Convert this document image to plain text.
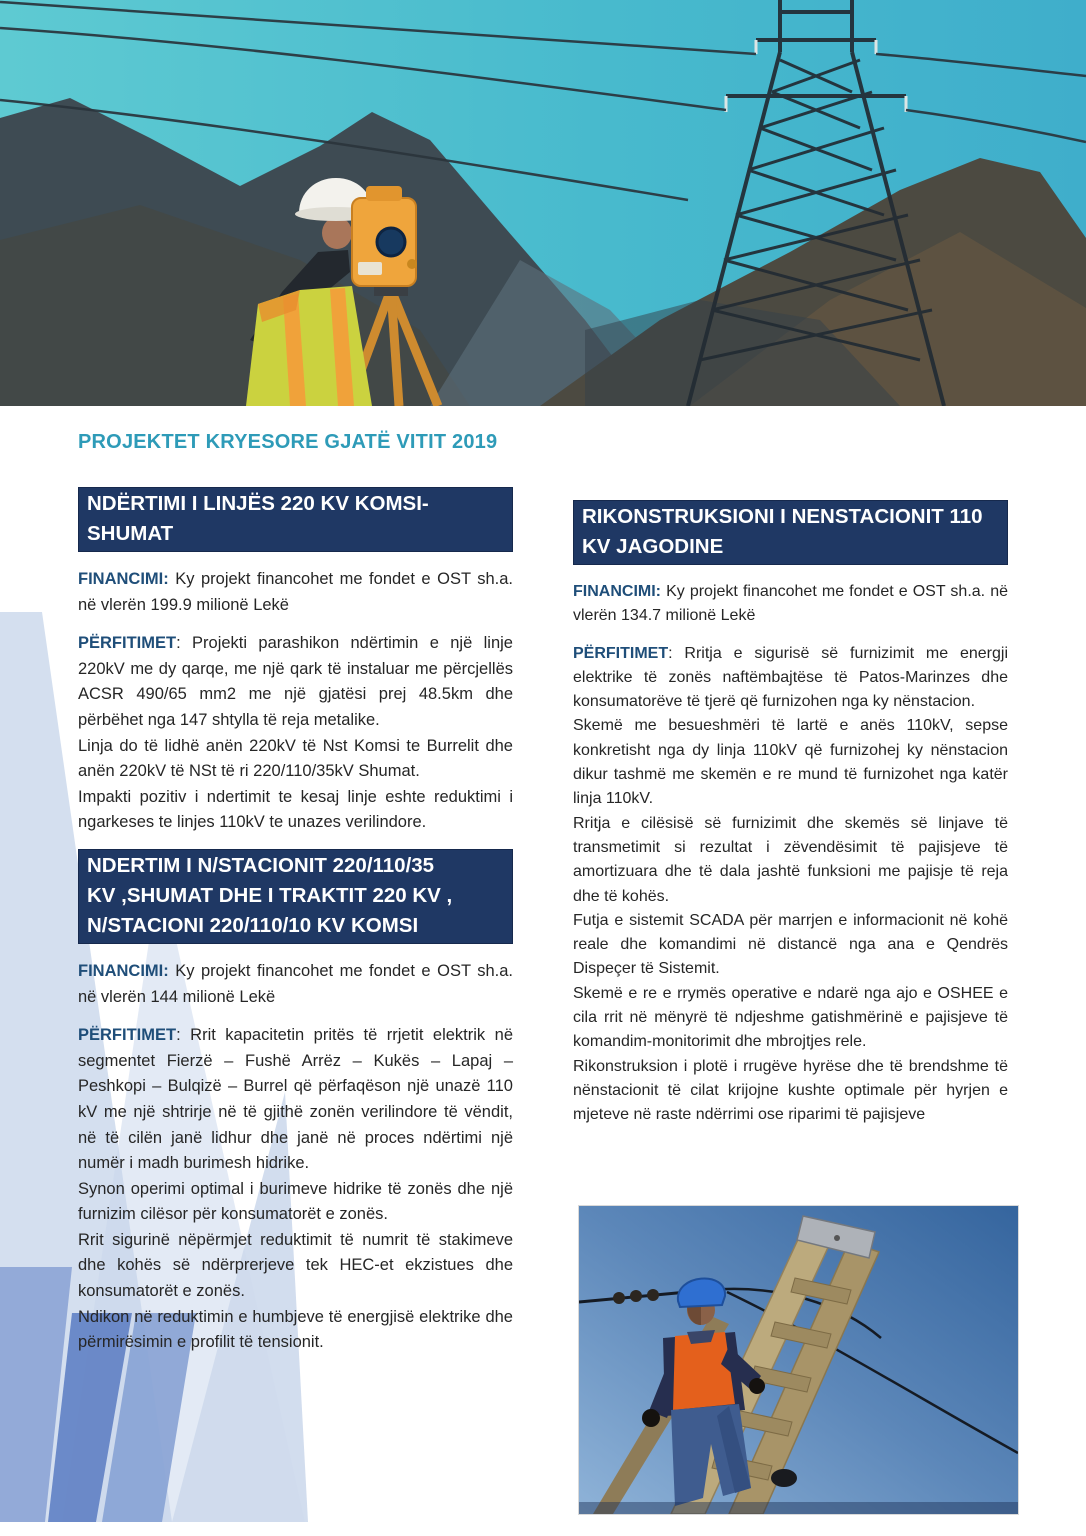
PROJEKTET KRYESORE GJATË VITIT 2019
NDËRTIMI I LINJËS 220 KV KOMSI-
SHUMAT

FINANCIMI: Ky projekt financohet me fondet e OST sh.a. në vlerën 199.9 milionë Lekë

PËRFITIMET: Projekti parashikon ndërtimin e një linje 220kV me dy qarqe, me një qark të instaluar me përcjellës ACSR 490/65 mm2 me një gjatësi prej 48.5km dhe përbëhet nga 147 shtylla të reja metalike.

Linja do të lidhë anën 220kV të Nst Komsi te Burrelit dhe anën 220kV të NSt të ri 220/110/35kV Shumat.

Impakti pozitiv i ndertimit te kesaj linje eshte reduktimi i ngarkeses te linjes 110kV te unazes verilindore.

NDERTIM I N/STACIONIT 220/110/35
KV ,SHUMAT DHE I TRAKTIT 220 KV ,
N/STACIONI 220/110/10 KV KOMSI

FINANCIMI: Ky projekt financohet me fondet e OST sh.a. në vlerën 144 milionë Lekë

PËRFITIMET: Rrit kapacitetin pritës të rrjetit elektrik në segmentet Fierzë – Fushë Arrëz – Kukës – Lapaj – Peshkopi – Bulqizë – Burrel që përfaqëson një unazë 110 kV me një shtrirje në të gjithë zonën verilindore të vëndit, në të cilën janë lidhur dhe janë në proces ndërtimi një numër i madh burimesh hidrike.

Synon operimi optimal i burimeve hidrike të zonës dhe një furnizim cilësor për konsumatorët e zonës.

Rrit sigurinë nëpërmjet reduktimit të numrit të stakimeve dhe kohës së ndërprerjeve tek HEC-et ekzistues dhe konsumatorët e zonës.

Ndikon në reduktimin e humbjeve të energjisë elektrike dhe përmirësimin e profilit të tensionit.

RIKONSTRUKSIONI I NENSTACIONIT 110
KV JAGODINE

FINANCIMI: Ky projekt financohet me fondet e OST sh.a. në vlerën 134.7 milionë Lekë

PËRFITIMET: Rritja e sigurisë së furnizimit me energji elektrike të zonës naftëmbajtëse të Patos-Marinzes dhe konsumatorëve të tjerë që furnizohen nga ky nënstacion.

Skemë me besueshmëri të lartë e anës 110kV, sepse konkretisht nga dy linja 110kV që furnizohej ky nënstacion dikur tashmë me skemën e re mund të furnizohet nga katër linja 110kV.

Rritja e cilësisë së furnizimit dhe skemës së linjave të transmetimit si rezultat i zëvendësimit të pajisjeve të amortizuara dhe të dala jashtë funksioni me pajisje të reja dhe të kohës.

Futja e sistemit SCADA për marrjen e informacionit në kohë reale dhe komandimi në distancë nga ana e Qendrës Dispeçer të Sistemit.

Skemë e re e rrymës operative e ndarë nga ajo e OSHEE e cila rrit në mënyrë të ndjeshme gatishmërinë e pajisjeve të komandim-monitorimit dhe mbrojtjes rele.

Rikonstruksion i plotë i rrugëve hyrëse dhe të brendshme të nënstacionit të cilat krijojne kushte optimale për hyrjen e mjeteve në raste ndërrimi ose riparimi të pajisjeve
